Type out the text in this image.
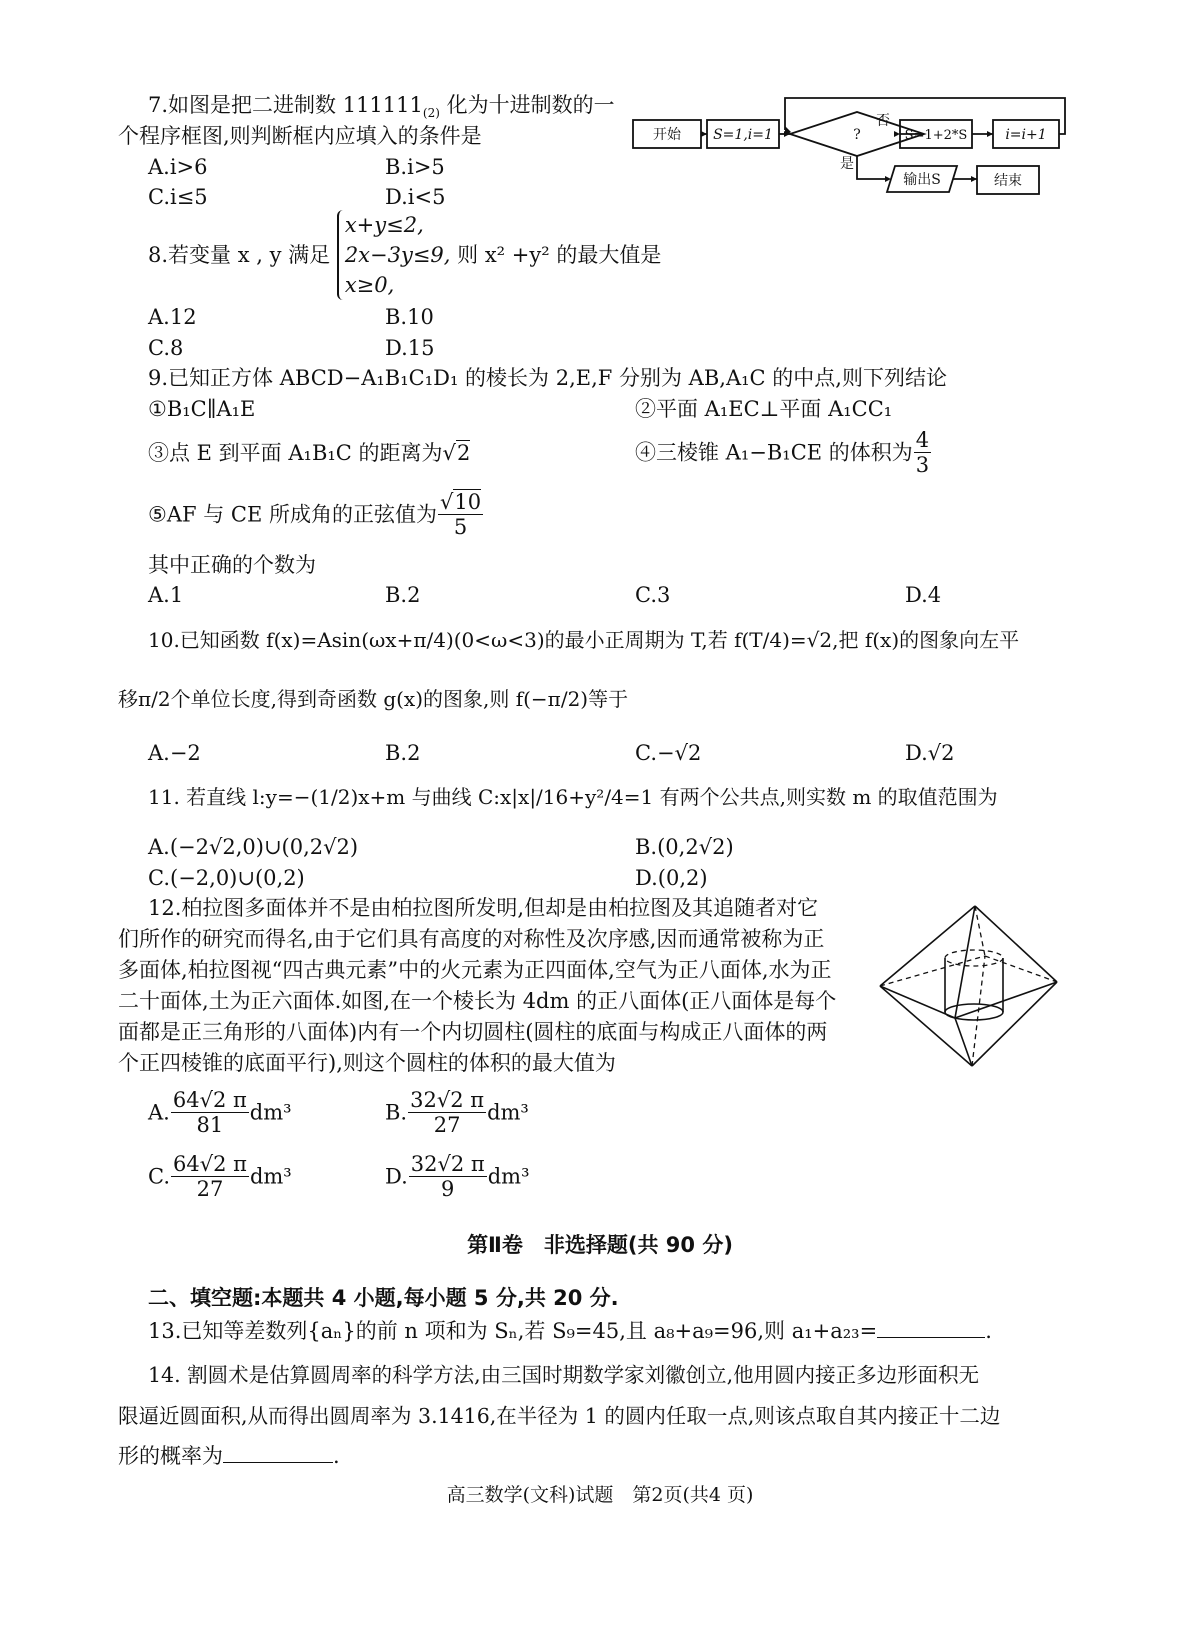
7.如图是把二进制数 $111111_{(2)}$ 化为十进制数的一
个程序框图,则判断框内应填入的条件是
A.i>6	B.i>5
C.i≤5	D.i<5
开始 S=1,i=1	?
否
是
S=1+2*S	i=i+1
输出S	结束
8.若变量 x , y 满足
x+y≤2,
2x−3y≤9,
x≥0,
则 x² +y² 的最大值是
A.12	B.10
C.8	D.15
9.已知正方体 ABCD−A₁B₁C₁D₁ 的棱长为 2,E,F 分别为 AB,A₁C 的中点,则下列结论
①B₁C∥A₁E	②平面 A₁EC⊥平面 A₁CC₁
③点 E 到平面 A₁B₁C 的距离为√2	④三棱锥 A₁−B₁CE 的体积为 $\frac{4}{3}$
⑤AF 与 CE 所成角的正弦值为 $\frac{√10}{5}$
其中正确的个数为
A.1	B.2	C.3	D.4
10.已知函数 f(x)=Asin(ωx+π/4)(0<ω<3)的最小正周期为 T,若 f(T/4)=√2,把 f(x)的图象向左平
移π/2个单位长度,得到奇函数 g(x)的图象,则 f(−π/2)等于
A.−2	B.2	C.−√2	D.√2
11. 若直线 l:y=−(1/2)x+m 与曲线 C:x|x|/16+y²/4=1 有两个公共点,则实数 m 的取值范围为
A.(−2√2,0)∪(0,2√2)	B.(0,2√2)
C.(−2,0)∪(0,2)	D.(0,2)
12.柏拉图多面体并不是由柏拉图所发明,但却是由柏拉图及其追随者对它
们所作的研究而得名,由于它们具有高度的对称性及次序感,因而通常被称为正
多面体,柏拉图视“四古典元素”中的火元素为正四面体,空气为正八面体,水为正
二十面体,土为正六面体.如图,在一个棱长为 4dm 的正八面体(正八面体是每个
面都是正三角形的八面体)内有一个内切圆柱(圆柱的底面与构成正八面体的两
个正四棱锥的底面平行),则这个圆柱的体积的最大值为
A. $\frac{64√2 \pi}{81} dm^3$	B. $\frac{32√2 \pi}{27} dm^3$
C. $\frac{64√2 \pi}{27} dm^3$	D. $\frac{32√2 \pi}{9} dm^3$
第Ⅱ卷　非选择题(共 90 分)
二、填空题:本题共 4 小题,每小题 5 分,共 20 分.
13.已知等差数列{aₙ}的前 n 项和为 Sₙ,若 S₉=45,且 a₈+a₉=96,则 a₁+a₂₃=	.
14. 割圆术是估算圆周率的科学方法,由三国时期数学家刘徽创立,他用圆内接正多边形面积无
限逼近圆面积,从而得出圆周率为 3.1416,在半径为 1 的圆内任取一点,则该点取自其内接正十二边
形的概率为	.
高三数学(文科)试题　第2页(共4 页)
